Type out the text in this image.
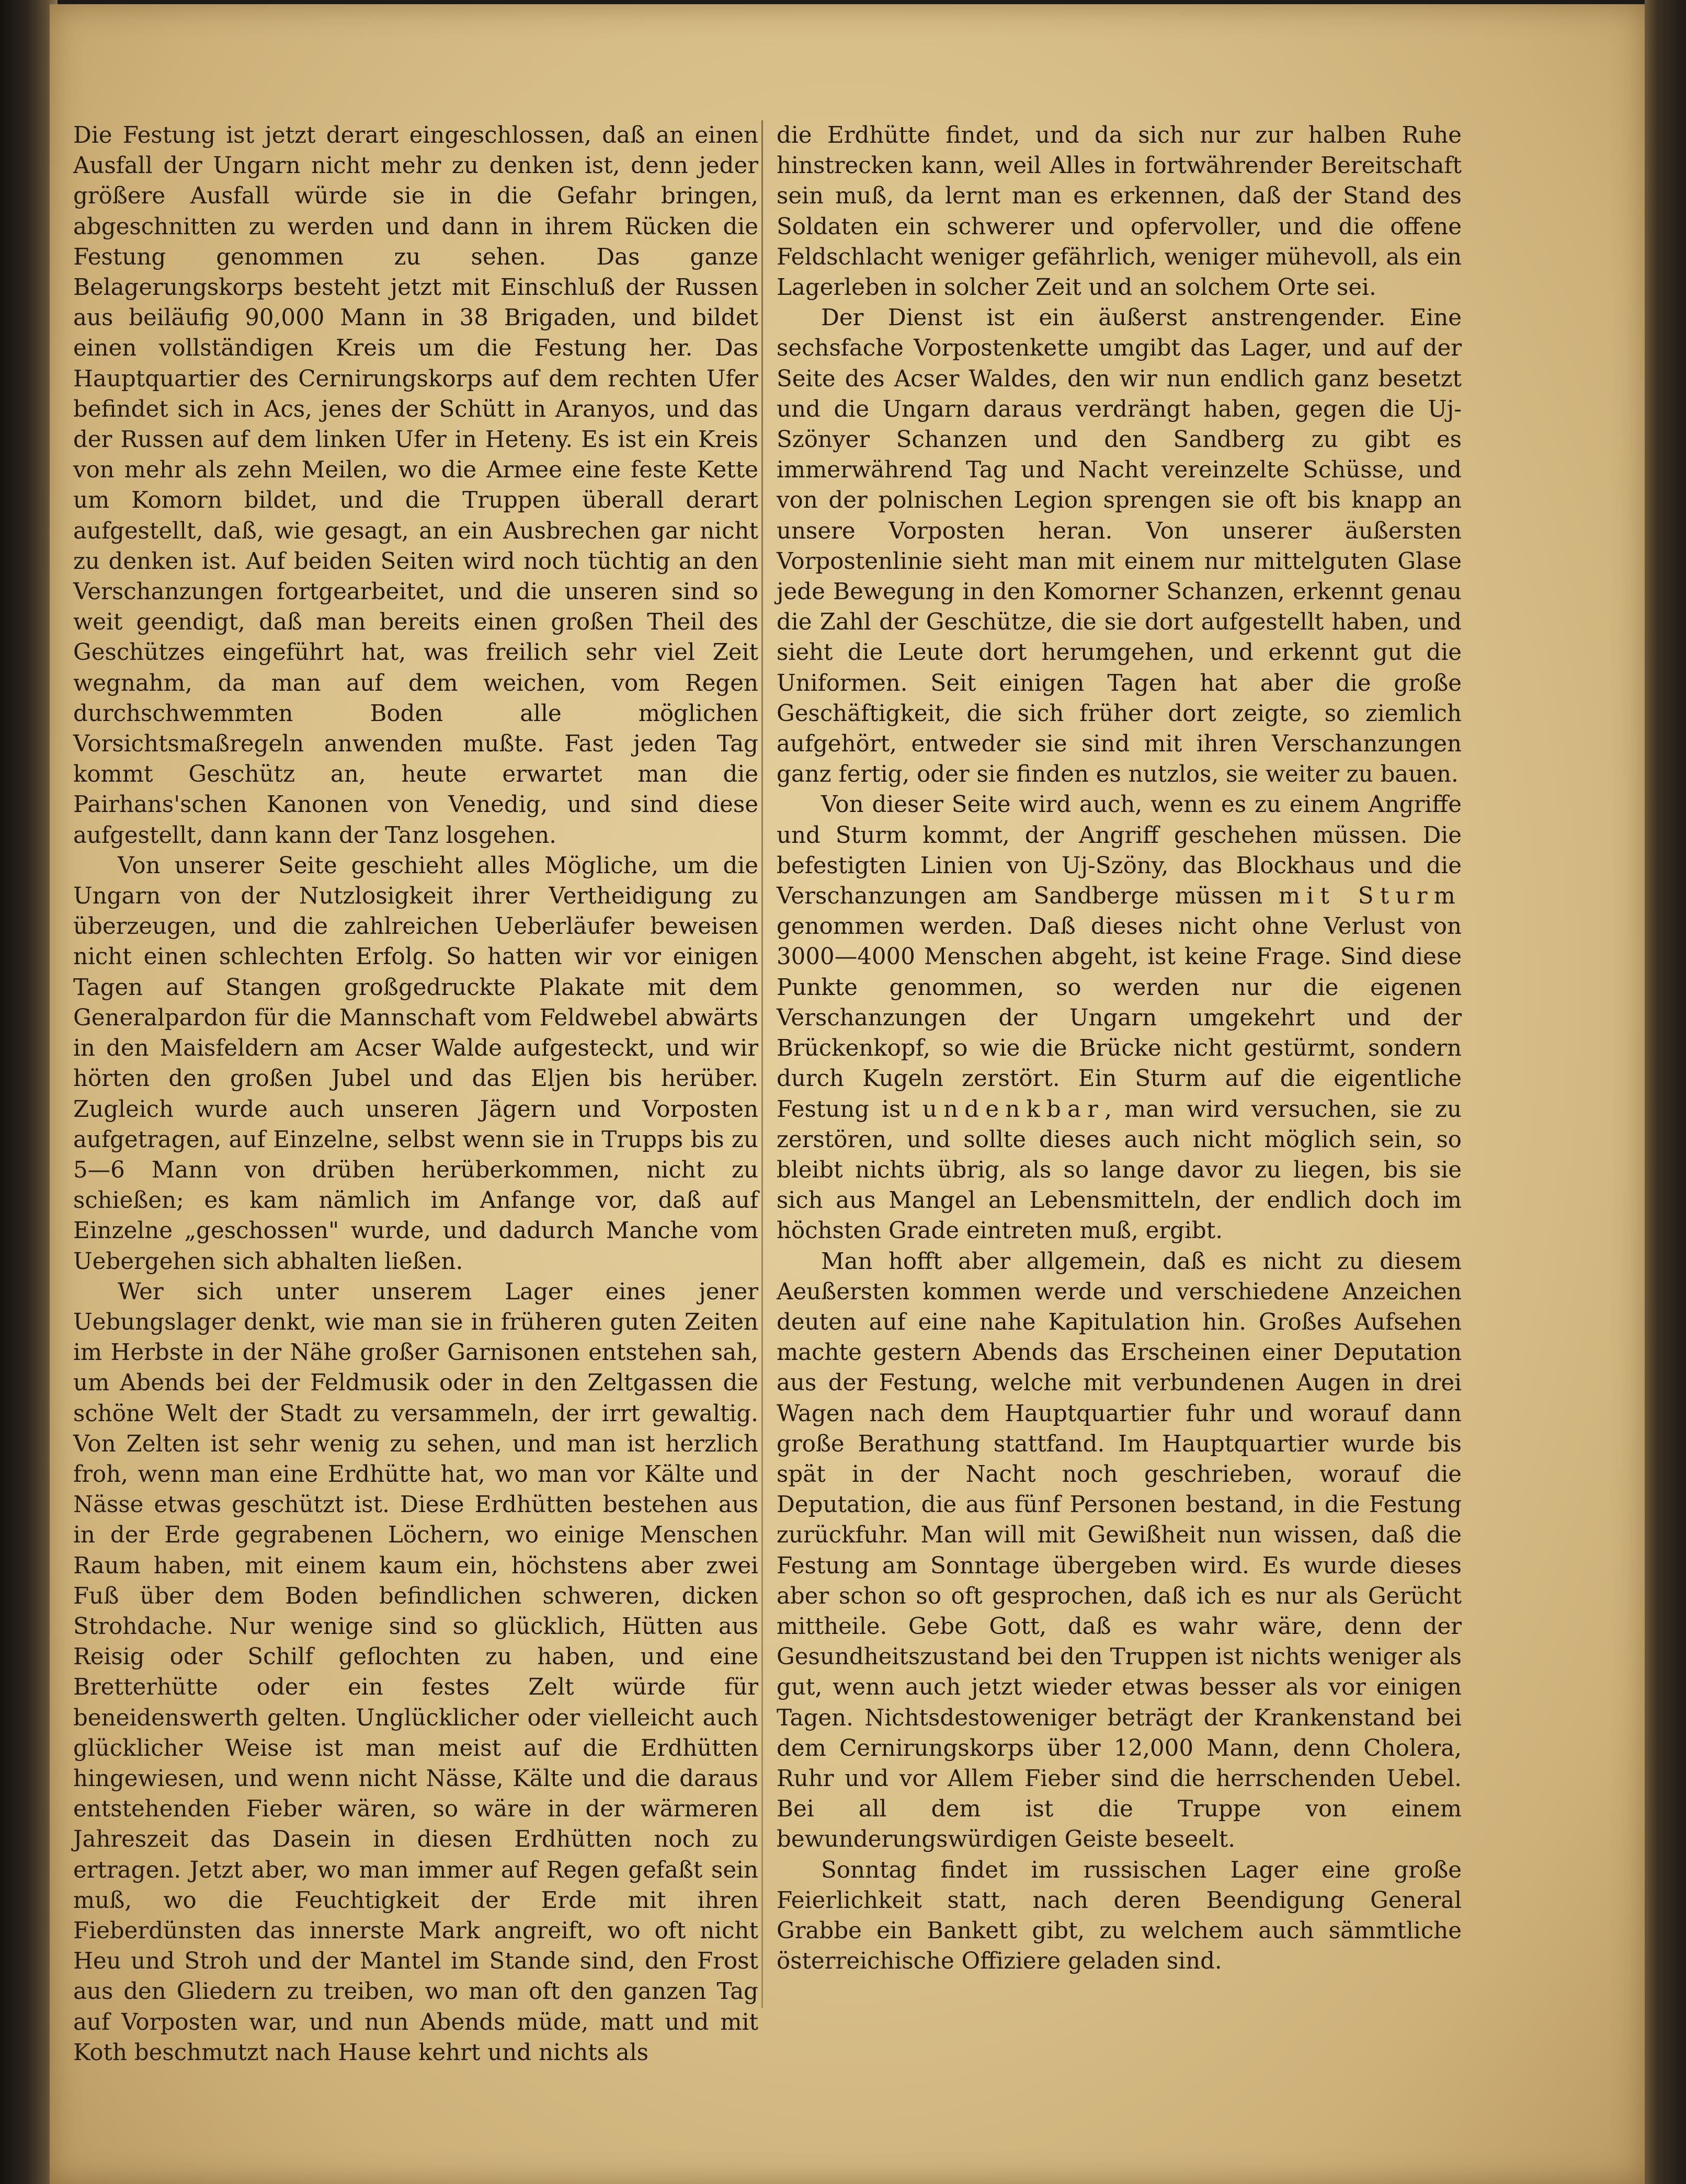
Die Festung ist jetzt derart eingeschlossen, daß an einen Ausfall der Ungarn nicht mehr zu denken ist, denn jeder größere Ausfall würde sie in die Gefahr bringen, abgeschnitten zu werden und dann in ihrem Rücken die Festung genommen zu sehen. Das ganze Belagerungskorps besteht jetzt mit Einschluß der Russen aus beiläufig 90,000 Mann in 38 Brigaden, und bildet einen vollständigen Kreis um die Festung her. Das Hauptquartier des Cernirungskorps auf dem rechten Ufer befindet sich in Acs, jenes der Schütt in Aranyos, und das der Russen auf dem linken Ufer in Heteny. Es ist ein Kreis von mehr als zehn Meilen, wo die Armee eine feste Kette um Komorn bildet, und die Truppen überall derart aufgestellt, daß, wie gesagt, an ein Ausbrechen gar nicht zu denken ist. Auf beiden Seiten wird noch tüchtig an den Verschanzungen fortgearbeitet, und die unseren sind so weit geendigt, daß man bereits einen großen Theil des Geschützes eingeführt hat, was freilich sehr viel Zeit wegnahm, da man auf dem weichen, vom Regen durchschwemmten Boden alle möglichen Vorsichtsmaßregeln anwenden mußte. Fast jeden Tag kommt Geschütz an, heute erwartet man die Pairhans'schen Kanonen von Venedig, und sind diese aufgestellt, dann kann der Tanz losgehen.

Von unserer Seite geschieht alles Mögliche, um die Ungarn von der Nutzlosigkeit ihrer Vertheidigung zu überzeugen, und die zahlreichen Ueberläufer beweisen nicht einen schlechten Erfolg. So hatten wir vor einigen Tagen auf Stangen großgedruckte Plakate mit dem Generalpardon für die Mannschaft vom Feldwebel abwärts in den Maisfeldern am Acser Walde aufgesteckt, und wir hörten den großen Jubel und das Eljen bis herüber. Zugleich wurde auch unseren Jägern und Vorposten aufgetragen, auf Einzelne, selbst wenn sie in Trupps bis zu 5—6 Mann von drüben herüberkommen, nicht zu schießen; es kam nämlich im Anfange vor, daß auf Einzelne „geschossen" wurde, und dadurch Manche vom Uebergehen sich abhalten ließen.

Wer sich unter unserem Lager eines jener Uebungslager denkt, wie man sie in früheren guten Zeiten im Herbste in der Nähe großer Garnisonen entstehen sah, um Abends bei der Feldmusik oder in den Zeltgassen die schöne Welt der Stadt zu versammeln, der irrt gewaltig. Von Zelten ist sehr wenig zu sehen, und man ist herzlich froh, wenn man eine Erdhütte hat, wo man vor Kälte und Nässe etwas geschützt ist. Diese Erdhütten bestehen aus in der Erde gegrabenen Löchern, wo einige Menschen Raum haben, mit einem kaum ein, höchstens aber zwei Fuß über dem Boden befindlichen schweren, dicken Strohdache. Nur wenige sind so glücklich, Hütten aus Reisig oder Schilf geflochten zu haben, und eine Bretterhütte oder ein festes Zelt würde für beneidenswerth gelten. Unglücklicher oder vielleicht auch glücklicher Weise ist man meist auf die Erdhütten hingewiesen, und wenn nicht Nässe, Kälte und die daraus entstehenden Fieber wären, so wäre in der wärmeren Jahreszeit das Dasein in diesen Erdhütten noch zu ertragen. Jetzt aber, wo man immer auf Regen gefaßt sein muß, wo die Feuchtigkeit der Erde mit ihren Fieberdünsten das innerste Mark angreift, wo oft nicht Heu und Stroh und der Mantel im Stande sind, den Frost aus den Gliedern zu treiben, wo man oft den ganzen Tag auf Vorposten war, und nun Abends müde, matt und mit Koth beschmutzt nach Hause kehrt und nichts als

die Erdhütte findet, und da sich nur zur halben Ruhe hinstrecken kann, weil Alles in fortwährender Bereitschaft sein muß, da lernt man es erkennen, daß der Stand des Soldaten ein schwerer und opfervoller, und die offene Feldschlacht weniger gefährlich, weniger mühevoll, als ein Lagerleben in solcher Zeit und an solchem Orte sei.

Der Dienst ist ein äußerst anstrengender. Eine sechsfache Vorpostenkette umgibt das Lager, und auf der Seite des Acser Waldes, den wir nun endlich ganz besetzt und die Ungarn daraus verdrängt haben, gegen die Uj-Szönyer Schanzen und den Sandberg zu gibt es immerwährend Tag und Nacht vereinzelte Schüsse, und von der polnischen Legion sprengen sie oft bis knapp an unsere Vorposten heran. Von unserer äußersten Vorpostenlinie sieht man mit einem nur mittelguten Glase jede Bewegung in den Komorner Schanzen, erkennt genau die Zahl der Geschütze, die sie dort aufgestellt haben, und sieht die Leute dort herumgehen, und erkennt gut die Uniformen. Seit einigen Tagen hat aber die große Geschäftigkeit, die sich früher dort zeigte, so ziemlich aufgehört, entweder sie sind mit ihren Verschanzungen ganz fertig, oder sie finden es nutzlos, sie weiter zu bauen.

Von dieser Seite wird auch, wenn es zu einem Angriffe und Sturm kommt, der Angriff geschehen müssen. Die befestigten Linien von Uj-Szöny, das Blockhaus und die Verschanzungen am Sandberge müssen mit Sturm genommen werden. Daß dieses nicht ohne Verlust von 3000—4000 Menschen abgeht, ist keine Frage. Sind diese Punkte genommen, so werden nur die eigenen Verschanzungen der Ungarn umgekehrt und der Brückenkopf, so wie die Brücke nicht gestürmt, sondern durch Kugeln zerstört. Ein Sturm auf die eigentliche Festung ist undenkbar, man wird versuchen, sie zu zerstören, und sollte dieses auch nicht möglich sein, so bleibt nichts übrig, als so lange davor zu liegen, bis sie sich aus Mangel an Lebensmitteln, der endlich doch im höchsten Grade eintreten muß, ergibt.

Man hofft aber allgemein, daß es nicht zu diesem Aeußersten kommen werde und verschiedene Anzeichen deuten auf eine nahe Kapitulation hin. Großes Aufsehen machte gestern Abends das Erscheinen einer Deputation aus der Festung, welche mit verbundenen Augen in drei Wagen nach dem Hauptquartier fuhr und worauf dann große Berathung stattfand. Im Hauptquartier wurde bis spät in der Nacht noch geschrieben, worauf die Deputation, die aus fünf Personen bestand, in die Festung zurückfuhr. Man will mit Gewißheit nun wissen, daß die Festung am Sonntage übergeben wird. Es wurde dieses aber schon so oft gesprochen, daß ich es nur als Gerücht mittheile. Gebe Gott, daß es wahr wäre, denn der Gesundheitszustand bei den Truppen ist nichts weniger als gut, wenn auch jetzt wieder etwas besser als vor einigen Tagen. Nichtsdestoweniger beträgt der Krankenstand bei dem Cernirungskorps über 12,000 Mann, denn Cholera, Ruhr und vor Allem Fieber sind die herrschenden Uebel. Bei all dem ist die Truppe von einem bewunderungswürdigen Geiste beseelt.

Sonntag findet im russischen Lager eine große Feierlichkeit statt, nach deren Beendigung General Grabbe ein Bankett gibt, zu welchem auch sämmtliche österreichische Offiziere geladen sind.
